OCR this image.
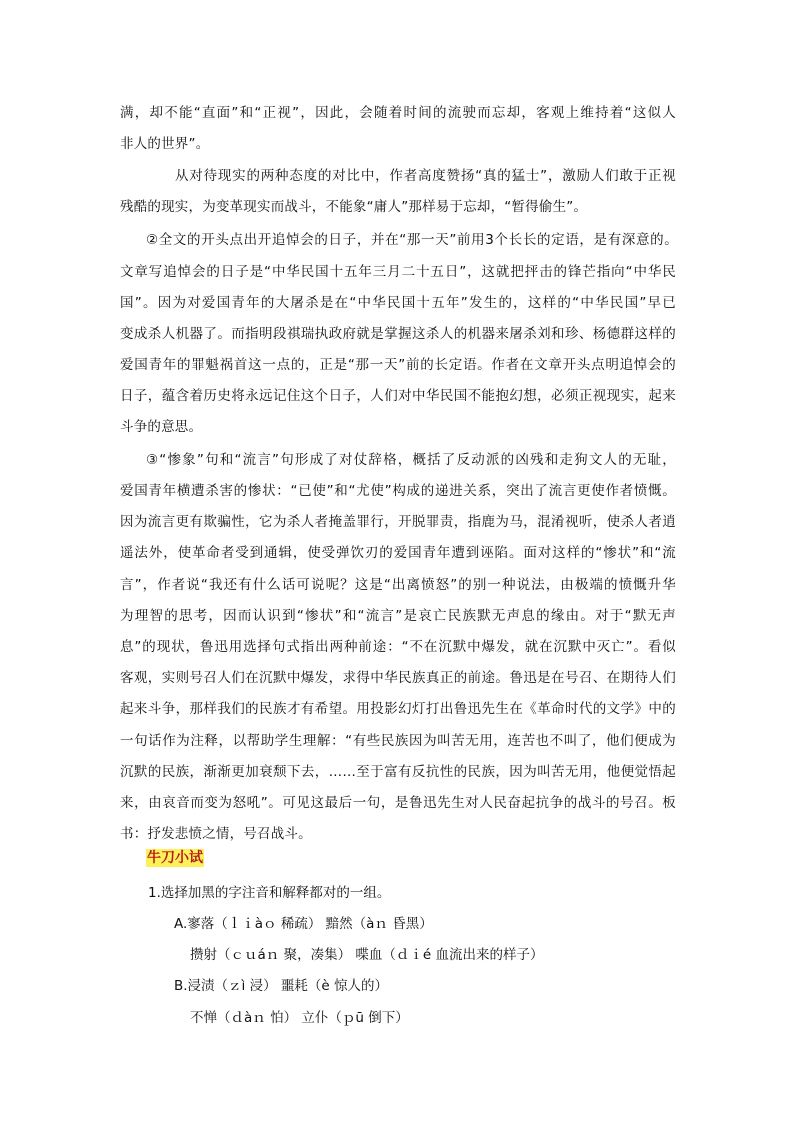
满，却不能“直面”和“正视”，因此，会随着时间的流驶而忘却，客观上维持着“这似人
非人的世界”。
从对待现实的两种态度的对比中，作者高度赞扬“真的猛士”，激励人们敢于正视
残酷的现实，为变革现实而战斗，不能象“庸人”那样易于忘却，“暂得偷生”。
②全文的开头点出开追悼会的日子，并在“那一天”前用3个长长的定语，是有深意的。
文章写追悼会的日子是“中华民国十五年三月二十五日”，这就把抨击的锋芒指向“中华民
国”。因为对爱国青年的大屠杀是在“中华民国十五年”发生的，这样的“中华民国”早已
变成杀人机器了。而指明段祺瑞执政府就是掌握这杀人的机器来屠杀刘和珍、杨德群这样的
爱国青年的罪魁祸首这一点的，正是“那一天”前的长定语。作者在文章开头点明追悼会的
日子，蕴含着历史将永远记住这个日子，人们对中华民国不能抱幻想，必须正视现实，起来
斗争的意思。
③“惨象”句和“流言”句形成了对仗辞格，概括了反动派的凶残和走狗文人的无耻，
爱国青年横遭杀害的惨状：“已使”和“尤使”构成的递进关系，突出了流言更使作者愤慨。
因为流言更有欺骗性，它为杀人者掩盖罪行，开脱罪责，指鹿为马，混淆视听，使杀人者逍
遥法外，使革命者受到通辑，使受弹饮刃的爱国青年遭到诬陷。面对这样的“惨状”和“流
言”，作者说“我还有什么话可说呢？这是“出离愤怒”的别一种说法，由极端的愤慨升华
为理智的思考，因而认识到“惨状”和“流言”是哀亡民族默无声息的缘由。对于“默无声
息”的现状，鲁迅用选择句式指出两种前途：“不在沉默中爆发，就在沉默中灭亡”。看似
客观，实则号召人们在沉默中爆发，求得中华民族真正的前途。鲁迅是在号召、在期待人们
起来斗争，那样我们的民族才有希望。用投影幻灯打出鲁迅先生在《革命时代的文学》中的
一句话作为注释，以帮助学生理解：“有些民族因为叫苦无用，连苦也不叫了，他们便成为
沉默的民族，渐渐更加衰颓下去，……至于富有反抗性的民族，因为叫苦无用，他便觉悟起
来，由哀音而变为怒吼”。可见这最后一句，是鲁迅先生对人民奋起抗争的战斗的号召。板
书：抒发悲愤之情，号召战斗。
牛刀小试
1.选择加黑的字注音和解释都对的一组。
A.寥落（ｌｉàｏ 稀疏） 黯然（àｎ 昏黑）
攒射（ｃｕáｎ 聚，凑集） 喋血（ｄｉé 血流出来的样子）
B.浸渍（ｚì 浸） 噩耗（è 惊人的）
不惮（ｄàｎ 怕） 立仆（ｐū 倒下）
